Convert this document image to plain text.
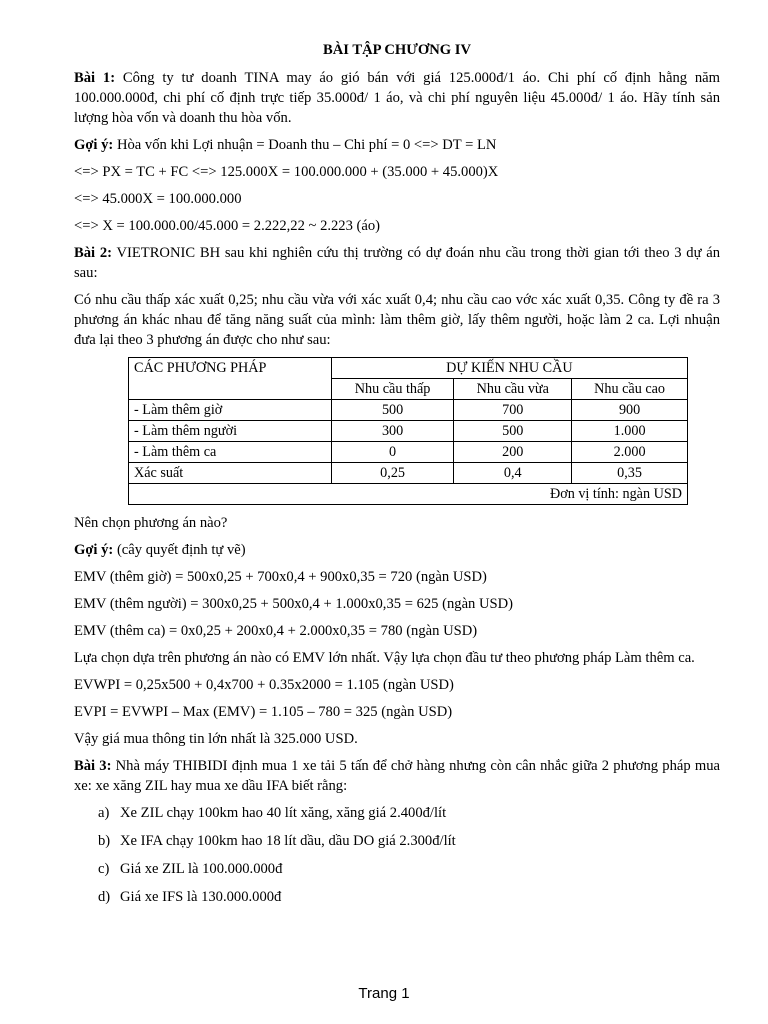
BÀI TẬP CHƯƠNG IV

Bài 1: Công ty tư doanh TINA may áo gió bán với giá 125.000đ/1 áo. Chi phí cố định hằng năm 100.000.000đ, chi phí cố định trực tiếp 35.000đ/ 1 áo, và chi phí nguyên liệu 45.000đ/ 1 áo. Hãy tính sản lượng hòa vốn và doanh thu hòa vốn.

Gợi ý: Hòa vốn khi Lợi nhuận = Doanh thu – Chi phí = 0 <=> DT = LN

<=> PX = TC + FC <=> 125.000X = 100.000.000 + (35.000 + 45.000)X

<=> 45.000X = 100.000.000

<=> X = 100.000.00/45.000 = 2.222,22 ~ 2.223 (áo)

Bài 2: VIETRONIC BH sau khi nghiên cứu thị trường có dự đoán nhu cầu trong thời gian tới theo 3 dự án sau:

Có nhu cầu thấp xác xuất 0,25; nhu cầu vừa với xác xuất 0,4; nhu cầu cao vớc xác xuất 0,35. Công ty đề ra 3 phương án khác nhau để tăng năng suất của mình: làm thêm giờ, lấy thêm người, hoặc làm 2 ca. Lợi nhuận đưa lại theo 3 phương án được cho như sau:

CÁC PHƯƠNG PHÁP	DỰ KIẾN NHU CẦU		
	Nhu cầu thấp	Nhu cầu vừa	Nhu cầu cao
- Làm thêm giờ	500	700	900
- Làm thêm người	300	500	1.000
- Làm thêm ca	0	200	2.000
Xác suất	0,25	0,4	0,35
Đơn vị tính: ngàn USD			

Nên chọn phương án nào?

Gợi ý: (cây quyết định tự vẽ)

EMV (thêm giờ) = 500x0,25 + 700x0,4 + 900x0,35 = 720 (ngàn USD)

EMV (thêm người) = 300x0,25 + 500x0,4 + 1.000x0,35 = 625 (ngàn USD)

EMV (thêm ca) = 0x0,25 + 200x0,4 + 2.000x0,35 = 780 (ngàn USD)

Lựa chọn dựa trên phương án nào có EMV lớn nhất. Vậy lựa chọn đầu tư theo phương pháp Làm thêm ca.

EVWPI = 0,25x500 + 0,4x700 + 0.35x2000 = 1.105 (ngàn USD)

EVPI = EVWPI – Max (EMV) = 1.105 – 780 = 325 (ngàn USD)

Vậy giá mua thông tin lớn nhất là 325.000 USD.

Bài 3: Nhà máy THIBIDI định mua 1 xe tải 5 tấn để chở hàng nhưng còn cân nhắc giữa 2 phương pháp mua xe: xe xăng ZIL hay mua xe dầu IFA biết rằng:

a) Xe ZIL chạy 100km hao 40 lít xăng, xăng giá 2.400đ/lít
b) Xe IFA chạy 100km hao 18 lít dầu, dầu DO giá 2.300đ/lít
c) Giá xe ZIL là 100.000.000đ
d) Giá xe IFS là 130.000.000đ
Trang 1
